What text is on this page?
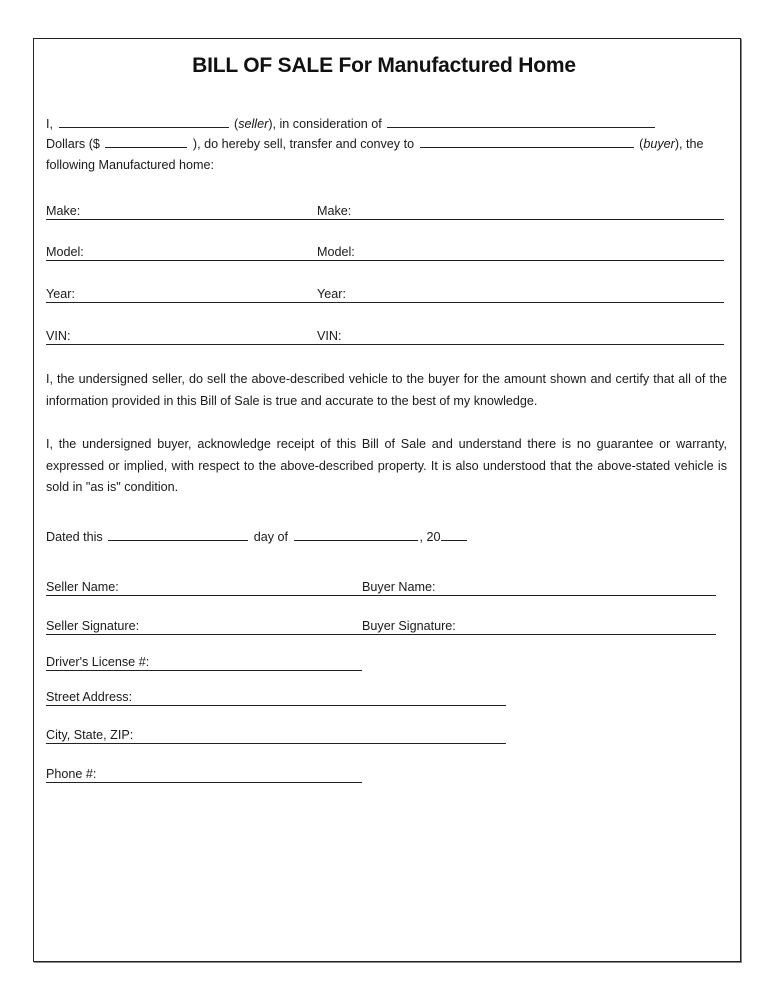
BILL OF SALE For Manufactured Home
I,	(seller), in consideration of
Dollars ($	), do hereby sell, transfer and convey to	(buyer), the
following Manufactured home:
Make:	Make:
Model:	Model:
Year:	Year:
VIN:	VIN:
I, the undersigned seller, do sell the above-described vehicle to the buyer for the amount shown and certify that all of the information provided in this Bill of Sale is true and accurate to the best of my knowledge.
I, the undersigned buyer, acknowledge receipt of this Bill of Sale and understand there is no guarantee or warranty, expressed or implied, with respect to the above-described property. It is also understood that the above-stated vehicle is sold in "as is" condition.
Dated this	day of	, 20
Seller Name:	Buyer Name:
Seller Signature:	Buyer Signature:
Driver's License #:
Street Address:
City, State, ZIP:
Phone #:
